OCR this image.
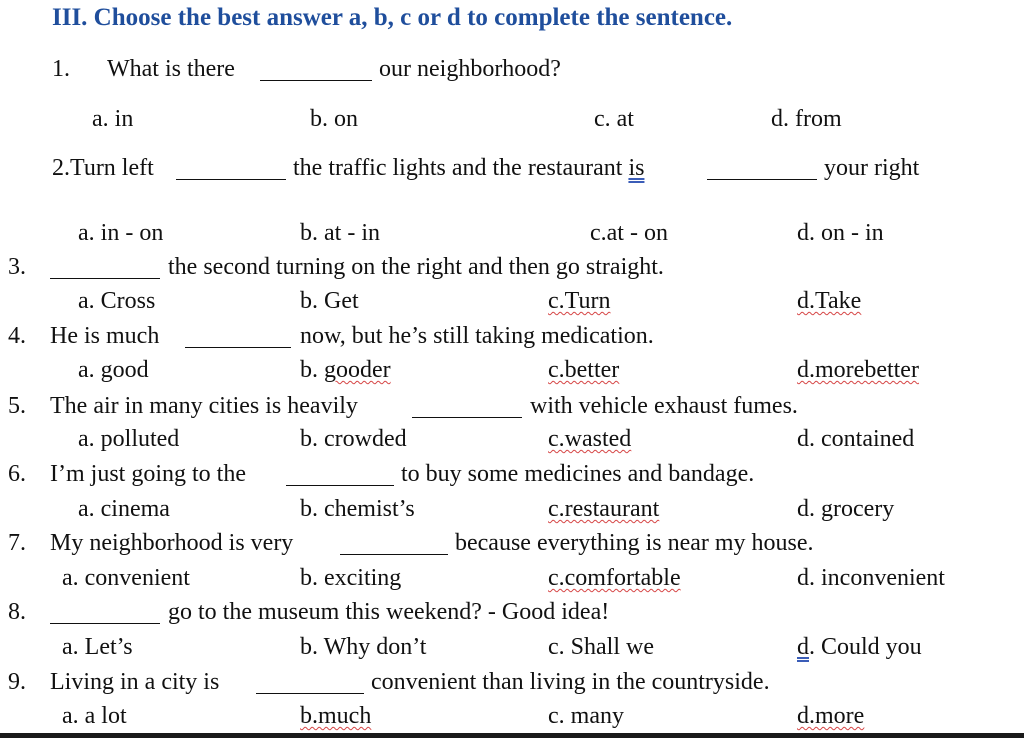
III. Choose the best answer a, b, c or d to complete the sentence.
1. What is there	our neighborhood?
a. in	b. on	c. at	d. from
2.Turn left	the traffic lights and the restaurant is	your right
a. in - on	b. at - in	c.at - on	d. on - in
3.	the second turning on the right and then go straight.
a. Cross	b. Get	c.Turn	d.Take
4. He is much	now, but he’s still taking medication.
a. good	b. gooder	c.better	d.morebetter
5. The air in many cities is heavily	with vehicle exhaust fumes.
a. polluted	b. crowded	c.wasted	d. contained
6. I’m just going to the	to buy some medicines and bandage.
a. cinema	b. chemist’s	c.restaurant	d. grocery
7. My neighborhood is very	because everything is near my house.
a. convenient	b. exciting	c.comfortable	d. inconvenient
8.	go to the museum this weekend? - Good idea!
a. Let’s	b. Why don’t	c. Shall we	d. Could you
9. Living in a city is	convenient than living in the countryside.
a. a lot	b.much	c. many	d.more
